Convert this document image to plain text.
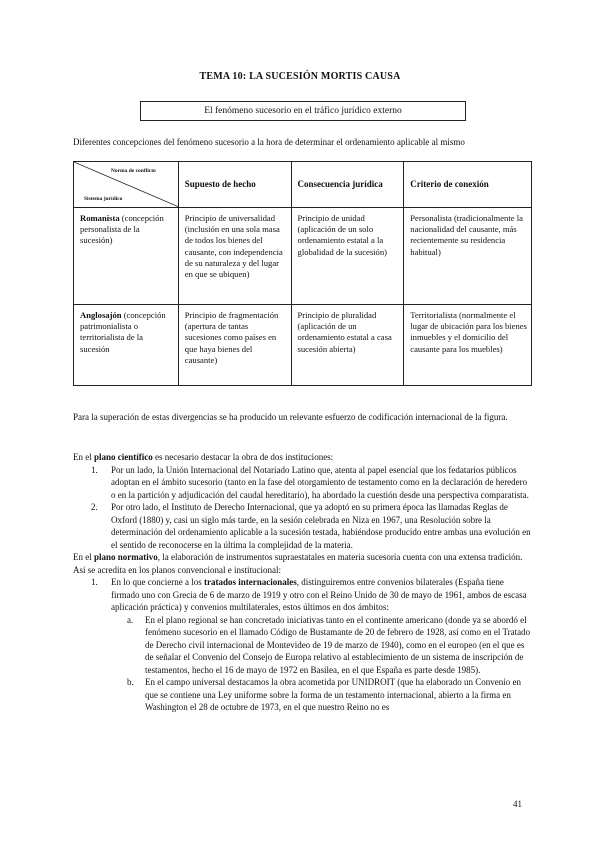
TEMA 10: LA SUCESIÓN MORTIS CAUSA
El fenómeno sucesorio en el tráfico jurídico externo
Diferentes concepciones del fenómeno sucesorio a la hora de determinar el ordenamiento aplicable al mismo
Norma de conflicto
Sistema jurídico	Supuesto de hecho	Consecuencia jurídica	Criterio de conexión
Romanista (concepción personalista de la sucesión)	Principio de universalidad (inclusión en una sola masa de todos los bienes del causante, con independencia de su naturaleza y del lugar en que se ubiquen)	Principio de unidad (aplicación de un solo ordenamiento estatal a la globalidad de la sucesión)	Personalista (tradicionalmente la nacionalidad del causante, más recientemente su residencia habitual)
Anglosajón (concepción patrimonialista o territorialista de la sucesión	Principio de fragmentación (apertura de tantas sucesiones como países en que haya bienes del causante)	Principio de pluralidad (aplicación de un ordenamiento estatal a casa sucesión abierta)	Territorialista (normalmente el lugar de ubicación para los bienes inmuebles y el domicilio del causante para los muebles)
Para la superación de estas divergencias se ha producido un relevante esfuerzo de codificación internacional de la figura.
En el plano científico es necesario destacar la obra de dos instituciones:
1. Por un lado, la Unión Internacional del Notariado Latino que, atenta al papel esencial que los fedatarios públicos adoptan en el ámbito sucesorio (tanto en la fase del otorgamiento de testamento como en la declaración de heredero o en la partición y adjudicación del caudal hereditario), ha abordado la cuestión desde una perspectiva comparatista.
2. Por otro lado, el Instituto de Derecho Internacional, que ya adoptó en su primera época las llamadas Reglas de Oxford (1880) y, casi un siglo más tarde, en la sesión celebrada en Niza en 1967, una Resolución sobre la determinación del ordenamiento aplicable a la sucesión testada, habiéndose producido entre ambas una evolución en el sentido de reconocerse en la última la complejidad de la materia.
En el plano normativo, la elaboración de instrumentos supraestatales en materia sucesoria cuenta con una extensa tradición. Así se acredita en los planos convencional e institucional:
1. En lo que concierne a los tratados internacionales, distinguiremos entre convenios bilaterales (España tiene firmado uno con Grecia de 6 de marzo de 1919 y otro con el Reino Unido de 30 de mayo de 1961, ambos de escasa aplicación práctica) y convenios multilaterales, estos últimos en dos ámbitos:
a. En el plano regional se han concretado iniciativas tanto en el continente americano (donde ya se abordó el fenómeno sucesorio en el llamado Código de Bustamante de 20 de febrero de 1928, así como en el Tratado de Derecho civil internacional de Montevideo de 19 de marzo de 1940), como en el europeo (en el que es de señalar el Convenio del Consejo de Europa relativo al establecimiento de un sistema de inscripción de testamentos, hecho el 16 de mayo de 1972 en Basilea, en el que España es parte desde 1985).
b. En el campo universal destacamos la obra acometida por UNIDROIT (que ha elaborado un Convenio en que se contiene una Ley uniforme sobre la forma de un testamento internacional, abierto a la firma en Washington el 28 de octubre de 1973, en el que nuestro Reino no es
41
